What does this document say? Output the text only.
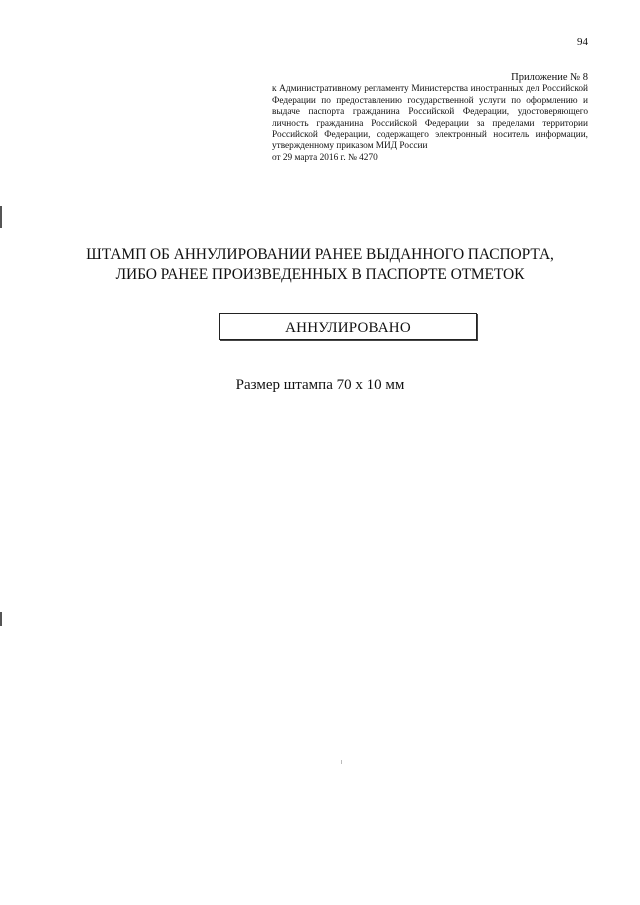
94
Приложение № 8
к Административному регламенту Министерства иностранных дел Российской Федерации по предоставлению государственной услуги по оформлению и выдаче паспорта гражданина Российской Федерации, удостоверяющего личность гражданина Российской Федерации за пределами территории Российской Федерации, содержащего электронный носитель информации, утвержденному приказом МИД России
от 29 марта 2016 г. № 4270
ШТАМП ОБ АННУЛИРОВАНИИ РАНЕЕ ВЫДАННОГО ПАСПОРТА,
ЛИБО РАНЕЕ ПРОИЗВЕДЕННЫХ В ПАСПОРТЕ ОТМЕТОК
АННУЛИРОВАНО
Размер штампа 70 х 10 мм
